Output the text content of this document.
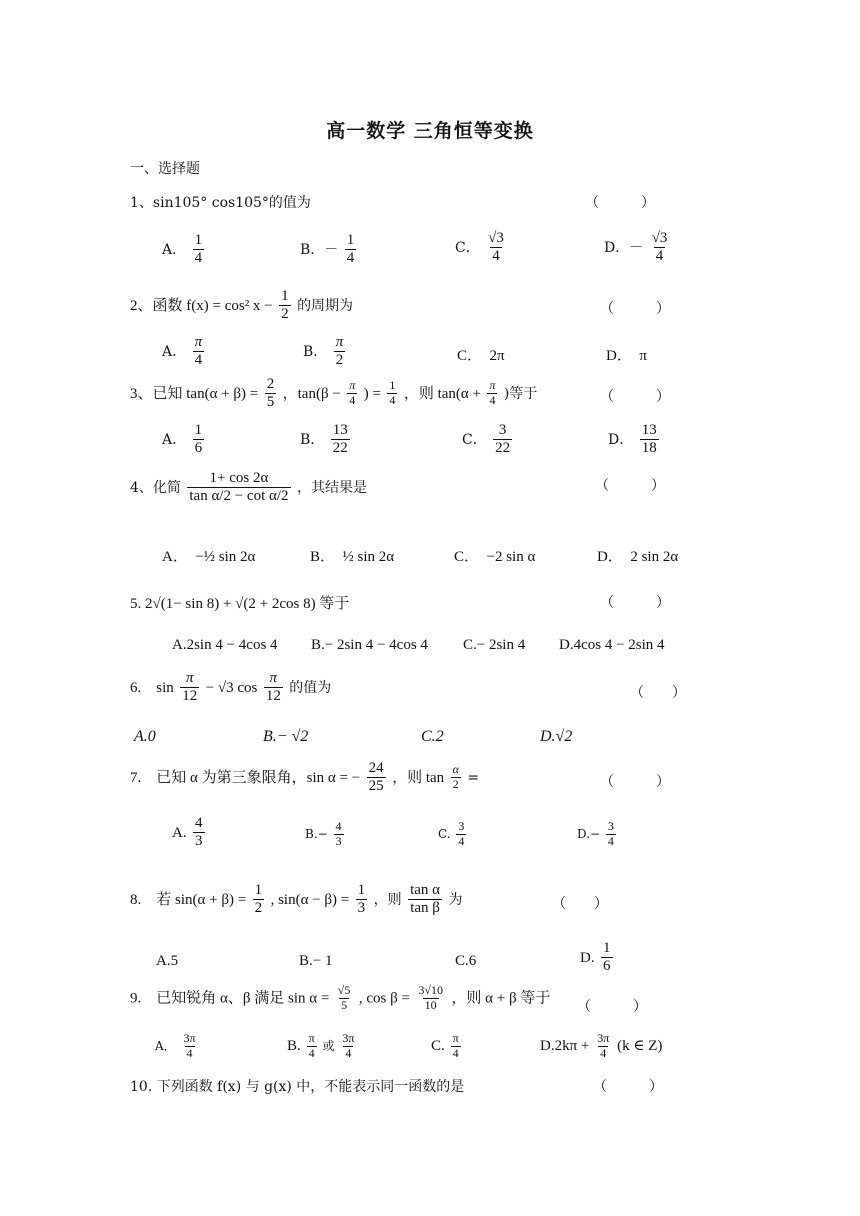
高一数学 三角恒等变换
一、选择题
1、sin105° cos105°的值为	（　　　）
A． $\frac{1}{4}$	B．－ $\frac{1}{4}$	C． $\frac{√3}{4}$	D．－ $\frac{√3}{4}$
2、函数 f(x) = cos² $x - \frac{1}{2}$ 的周期为	（　　　）
A． $\frac{\pi}{4}$	B． $\frac{\pi}{2}$	C．　2π	D．　π
3、已知 $\tan(\alpha + \beta) = \frac{2}{5}$ ，$\tan(\beta - \frac{\pi}{4}$ ) = $\frac{1}{4}$ ，则 $\tan(\alpha + \frac{\pi}{4}$ )等于	（　　　）
A． $\frac{1}{6}$	B． $\frac{13}{22}$	C． $\frac{3}{22}$	D． $\frac{13}{18}$
4、化简 $\frac{1+ \cos 2\alpha}{\text{tan α/2 − cot α/2}}$ ，其结果是	（　　　）
A．　−½ sin 2α	B．　½ sin 2α	C．　−2 sin α	D．　2 sin 2α
5. 2√(1− sin 8) + √(2 + 2cos 8) 等于	（　　　）
A.2sin 4 − 4cos 4 B.− 2sin 4 − 4cos 4 C.− 2sin 4 D.4cos 4 − 2sin 4
6.　$\sin \frac{\pi}{12} - √3$ $\cos \frac{\pi}{12}$ 的值为	（　　）
A.0	B.− √2	C.2	D.√2
7.　已知 α 为第三象限角，sin α = − $\frac{24}{25}$ ，则 $\tan \frac{\alpha}{2}$ =	（　　　）
A. $\frac{4}{3}$	$B.- \frac{4}{3}$	C. $\frac{3}{4}$	$D.- \frac{3}{4}$
8.　若 $\sin(\alpha + \beta) = \frac{1}{2}$ , $\sin(\alpha - \beta) = \frac{1}{3}$ ，则 $\frac{\text{tan α}}{\text{tan β}}$ 为	（　　）
A.5	B.− 1	C.6	D. $\frac{1}{6}$
9.　已知锐角 α、β 满足 $\sin \alpha = \frac{√5}{5}$ , $\cos \beta = \frac{3√10}{10}$ ，则 α + β 等于
（　　　）
A． $\frac{3\pi}{4}$	B. $\frac{\pi}{4}$ 或 $\frac{3\pi}{4}$	C. $\frac{\pi}{4}$	$D.2k\pi + \frac{3\pi}{4} (k$ ∈ Z)
10. 下列函数 f(x) 与 g(x) 中，不能表示同一函数的是	（　　　）
